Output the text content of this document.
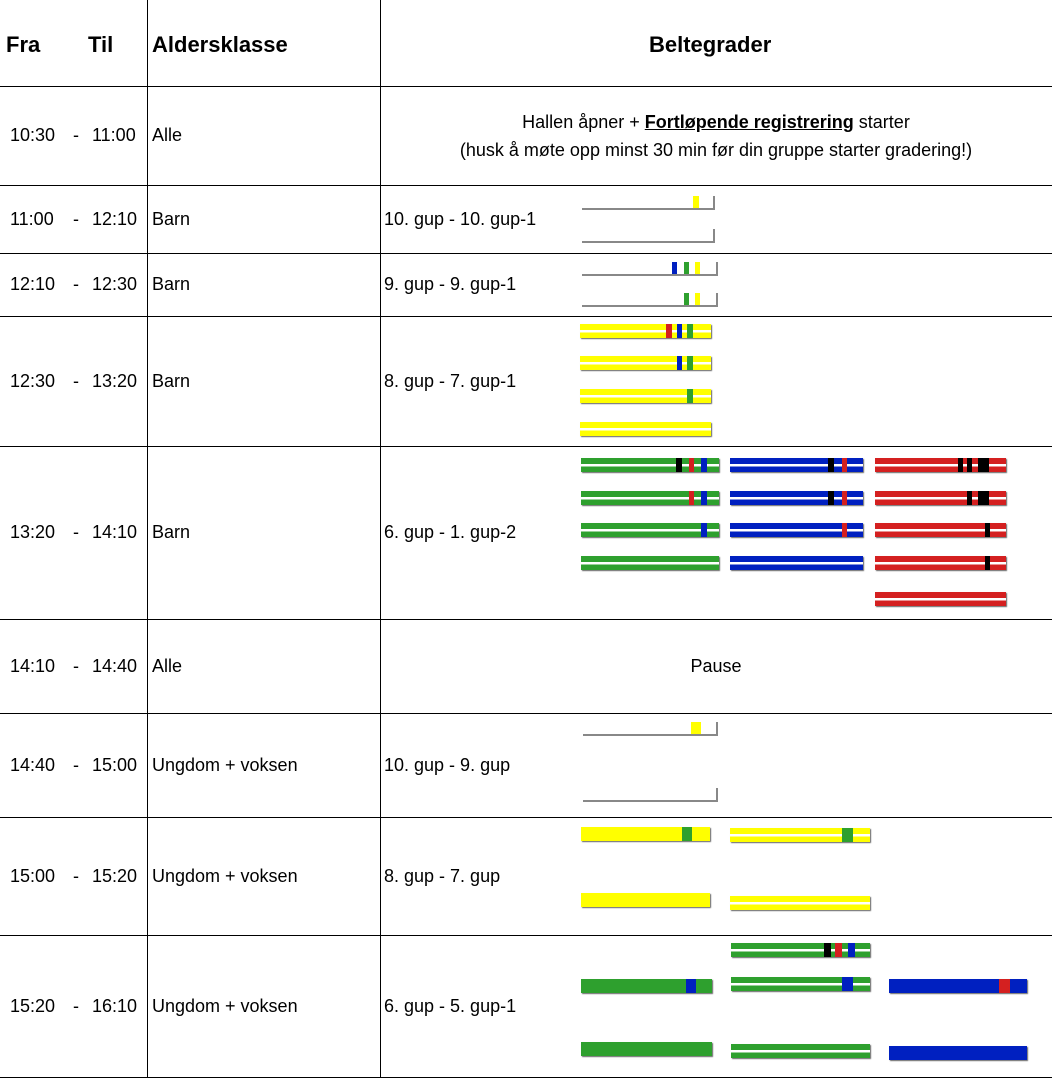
Fra Til Aldersklasse	Beltegrader
10:30 - 11:00 Alle
Hallen åpner + Fortløpende registrering starter
(husk å møte opp minst 30 min før din gruppe starter gradering!)
11:00	- 12:10 Barn	10. gup - 10. gup-1
12:10 - 12:30 Barn	9. gup - 9. gup-1
12:30 - 13:20 Barn	8. gup - 7. gup-1
13:20 - 14:10 Barn	6. gup - 1. gup-2
14:10 - 14:40 Alle	Pause
14:40 - 15:00 Ungdom + voksen	10. gup - 9. gup
15:00 - 15:20 Ungdom + voksen	8. gup - 7. gup
15:20 - 16:10 Ungdom + voksen	6. gup - 5. gup-1
